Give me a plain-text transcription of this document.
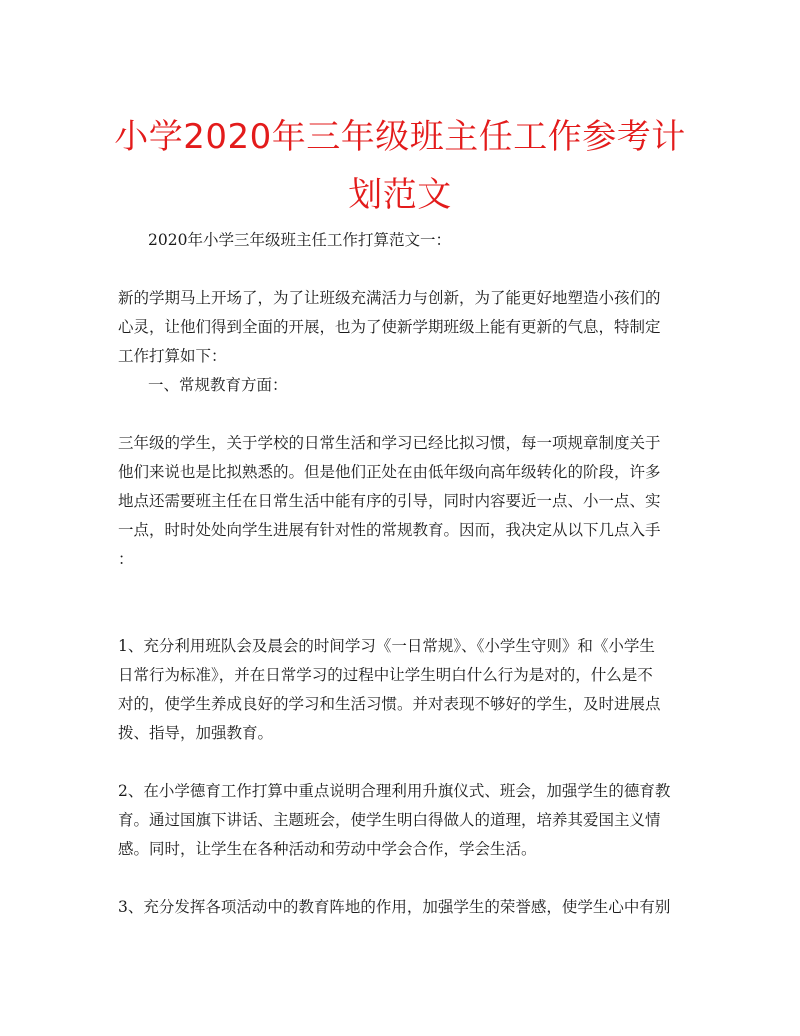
小学2020年三年级班主任工作参考计划范文
2020年小学三年级班主任工作打算范文一：
新的学期马上开场了，为了让班级充满活力与创新，为了能更好地塑造小孩们的
心灵，让他们得到全面的开展，也为了使新学期班级上能有更新的气息，特制定
工作打算如下：
一、常规教育方面：
三年级的学生，关于学校的日常生活和学习已经比拟习惯，每一项规章制度关于
他们来说也是比拟熟悉的。但是他们正处在由低年级向高年级转化的阶段，许多
地点还需要班主任在日常生活中能有序的引导，同时内容要近一点、小一点、实
一点，时时处处向学生进展有针对性的常规教育。因而，我决定从以下几点入手
：
1、充分利用班队会及晨会的时间学习《一日常规》、《小学生守则》和《小学生
日常行为标准》，并在日常学习的过程中让学生明白什么行为是对的，什么是不
对的，使学生养成良好的学习和生活习惯。并对表现不够好的学生，及时进展点
拨、指导，加强教育。
2、在小学德育工作打算中重点说明合理利用升旗仪式、班会，加强学生的德育教
育。通过国旗下讲话、主题班会，使学生明白得做人的道理，培养其爱国主义情
感。同时，让学生在各种活动和劳动中学会合作，学会生活。
3、充分发挥各项活动中的教育阵地的作用，加强学生的荣誉感，使学生心中有别
